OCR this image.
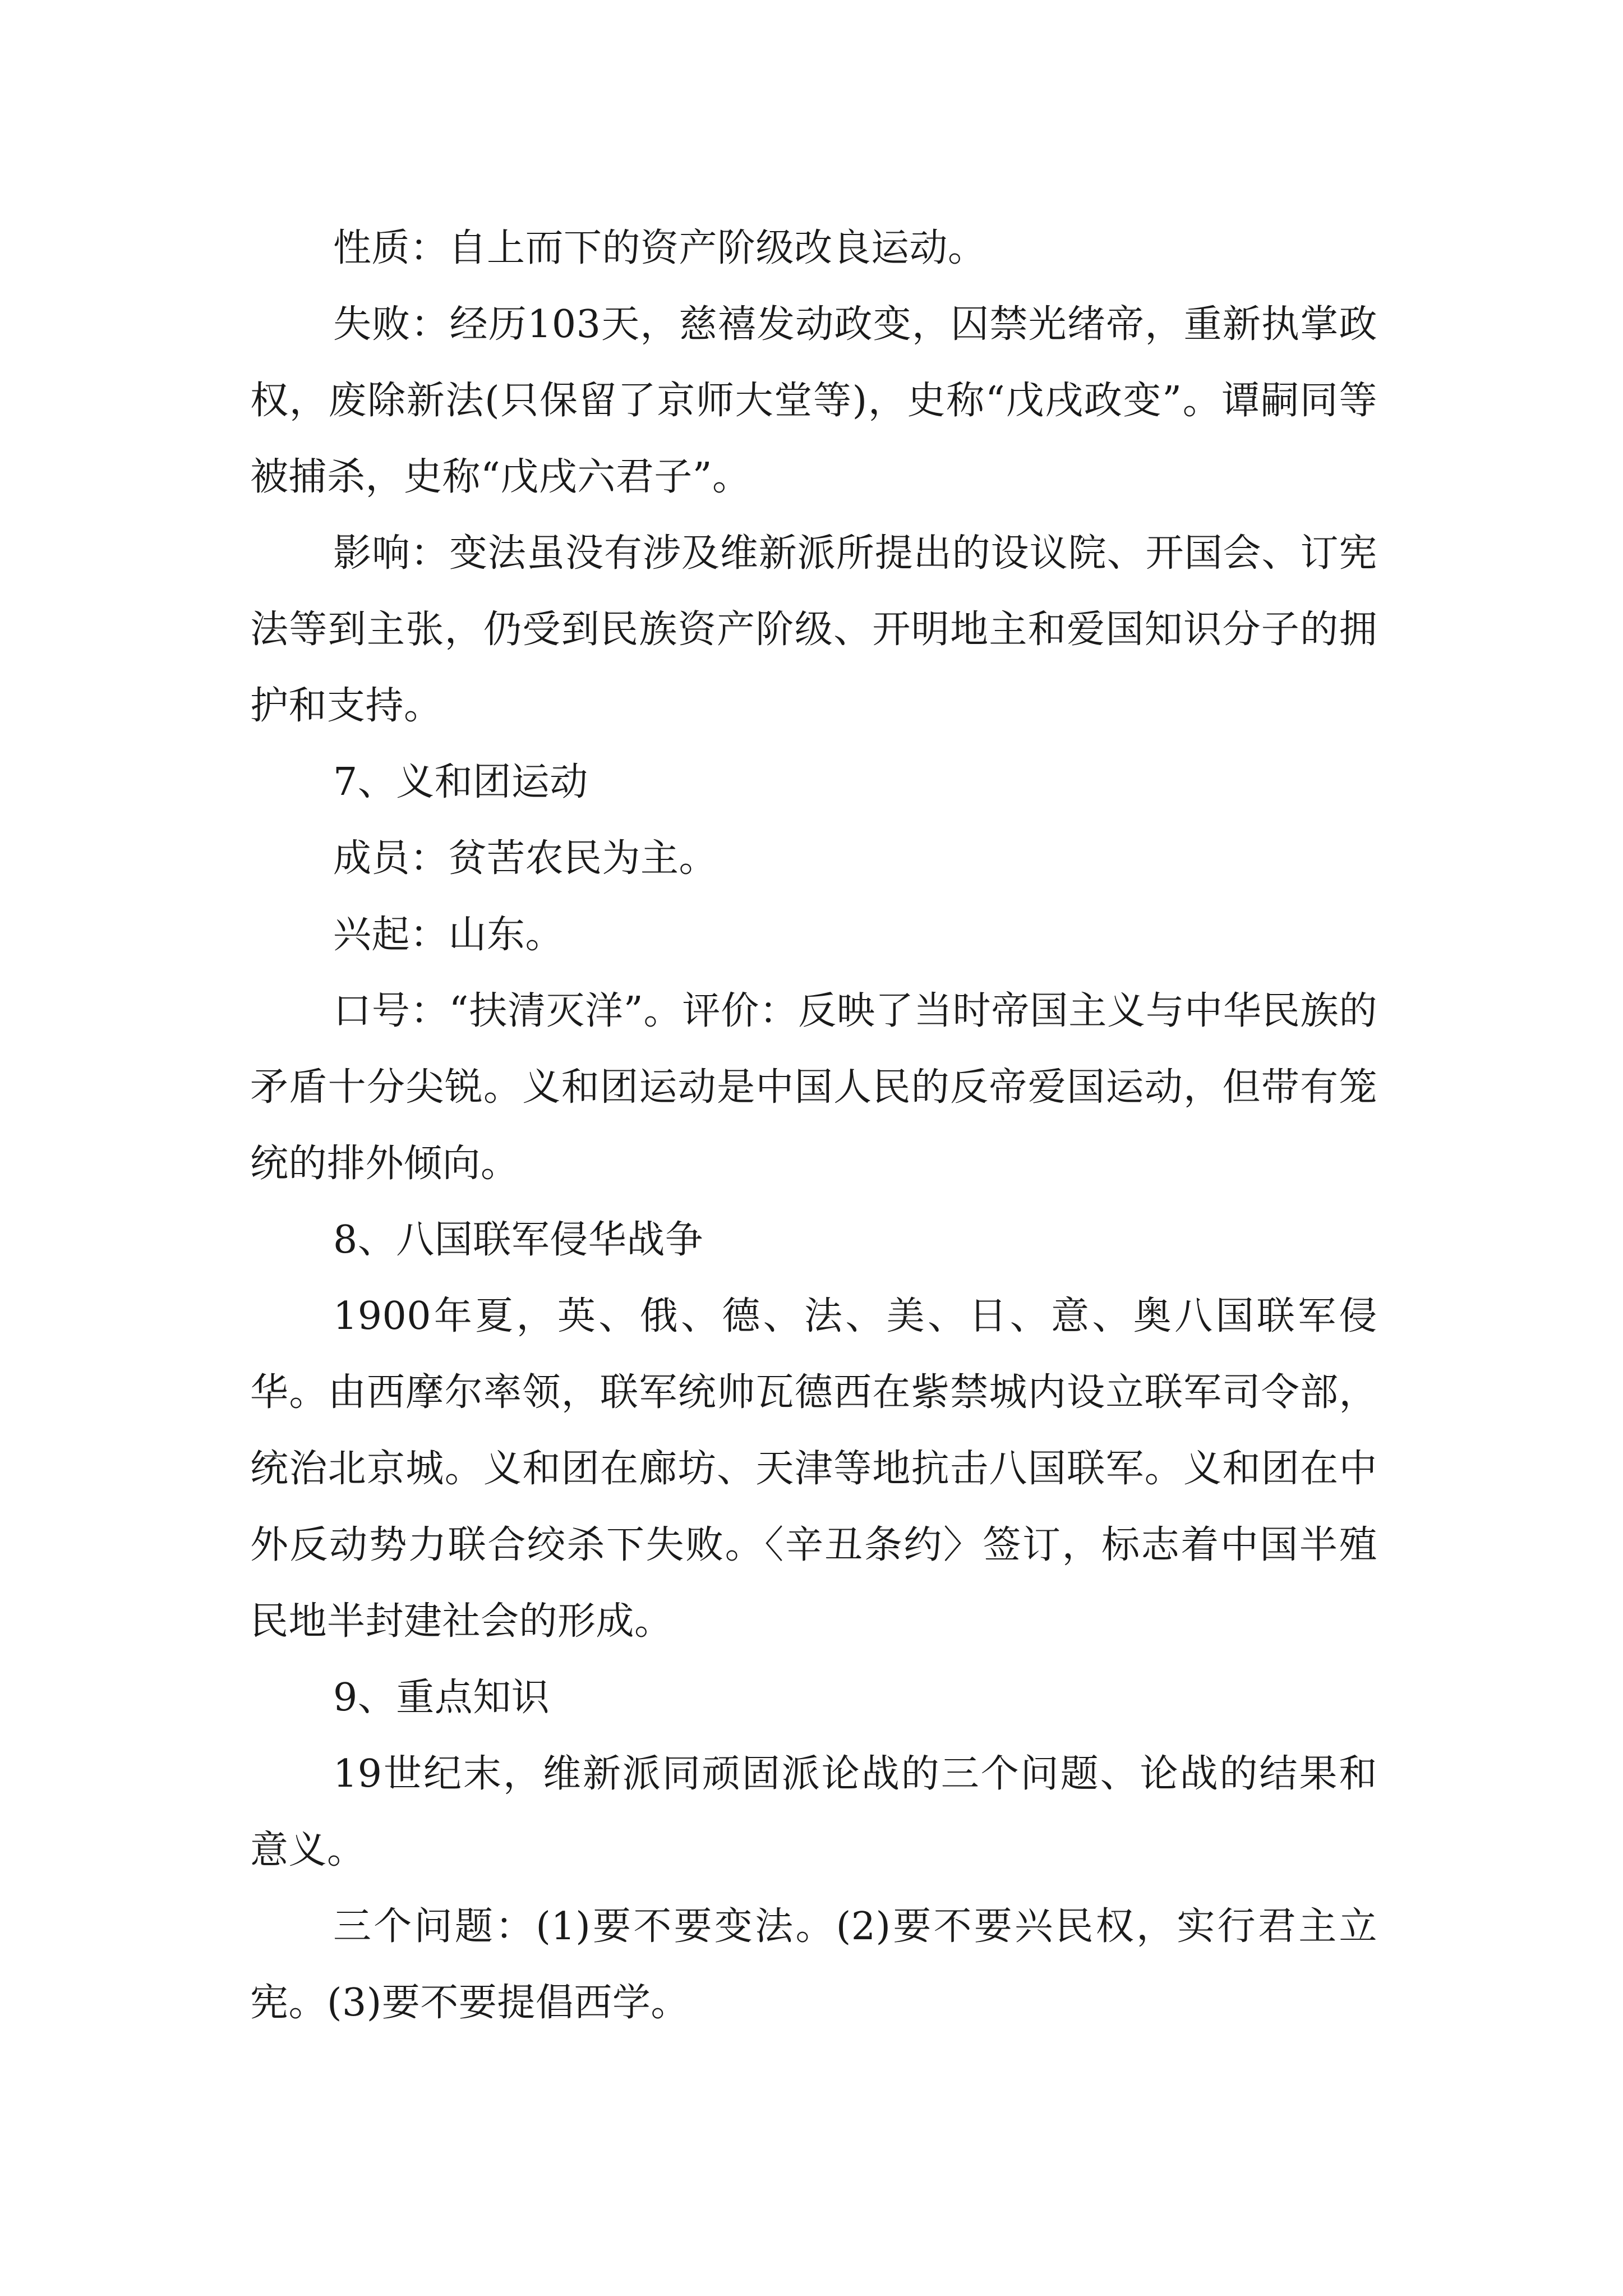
性质：自上而下的资产阶级改良运动。

失败：经历103天，慈禧发动政变，囚禁光绪帝，重新执掌政权，废除新法(只保留了京师大堂等)，史称“戊戌政变”。谭嗣同等被捕杀，史称“戊戌六君子”。

影响：变法虽没有涉及维新派所提出的设议院、开国会、订宪法等到主张，仍受到民族资产阶级、开明地主和爱国知识分子的拥护和支持。

7、义和团运动

成员：贫苦农民为主。

兴起：山东。

口号：“扶清灭洋”。评价：反映了当时帝国主义与中华民族的矛盾十分尖锐。义和团运动是中国人民的反帝爱国运动，但带有笼统的排外倾向。

8、八国联军侵华战争

1900年夏，英、俄、德、法、美、日、意、奥八国联军侵华。由西摩尔率领，联军统帅瓦德西在紫禁城内设立联军司令部，统治北京城。义和团在廊坊、天津等地抗击八国联军。义和团在中外反动势力联合绞杀下失败。〈辛丑条约〉签订，标志着中国半殖民地半封建社会的形成。

9、重点知识

19世纪末，维新派同顽固派论战的三个问题、论战的结果和意义。

三个问题：(1)要不要变法。(2)要不要兴民权，实行君主立宪。(3)要不要提倡西学。
